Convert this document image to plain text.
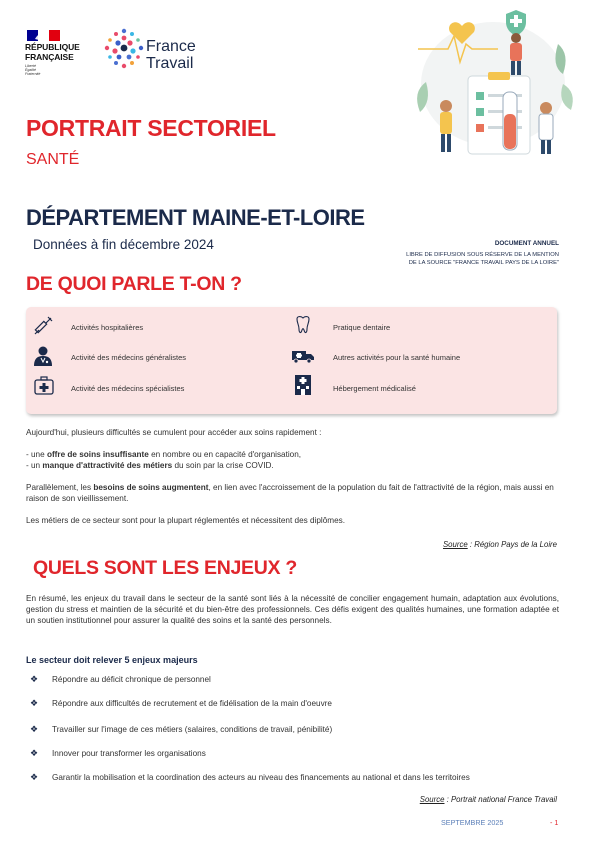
RÉPUBLIQUE
FRANÇAISE
Liberté
Égalité
Fraternité
France
Travail
PORTRAIT SECTORIEL
SANTÉ
DÉPARTEMENT MAINE-ET-LOIRE
Données à fin décembre 2024	DOCUMENT ANNUEL
LIBRE DE DIFFUSION SOUS RÉSERVE DE LA MENTION
DE LA SOURCE "FRANCE TRAVAIL PAYS DE LA LOIRE"
DE QUOI PARLE T-ON ?
Activités hospitalières	Pratique dentaire
Activité des médecins généralistes	Autres activités pour la santé humaine
Activité des médecins spécialistes	Hébergement médicalisé

Aujourd'hui, plusieurs difficultés se cumulent pour accéder aux soins rapidement :

- une offre de soins insuffisante en nombre ou en capacité d'organisation,

- un manque d'attractivité des métiers du soin par la crise COVID.

Parallèlement, les besoins de soins augmentent, en lien avec l'accroissement de la population du fait de l'attractivité de la région, mais aussi en raison de son vieillissement.

Les métiers de ce secteur sont pour la plupart réglementés et nécessitent des diplômes.

Source : Région Pays de la Loire
QUELS SONT LES ENJEUX ?

En résumé, les enjeux du travail dans le secteur de la santé sont liés à la nécessité de concilier engagement humain, adaptation aux évolutions, gestion du stress et maintien de la sécurité et du bien-être des professionnels. Ces défis exigent des qualités humaines, une formation adaptée et un soutien institutionnel pour assurer la qualité des soins et la santé des personnels.

Le secteur doit relever 5 enjeux majeurs
❖ Répondre au déficit chronique de personnel
❖ Répondre aux difficultés de recrutement et de fidélisation de la main d'oeuvre
❖ Travailler sur l'image de ces métiers (salaires, conditions de travail, pénibilité)
❖ Innover pour transformer les organisations
❖ Garantir la mobilisation et la coordination des acteurs au niveau des financements au national et dans les territoires
Source : Portrait national France Travail
SEPTEMBRE 2025	- 1
